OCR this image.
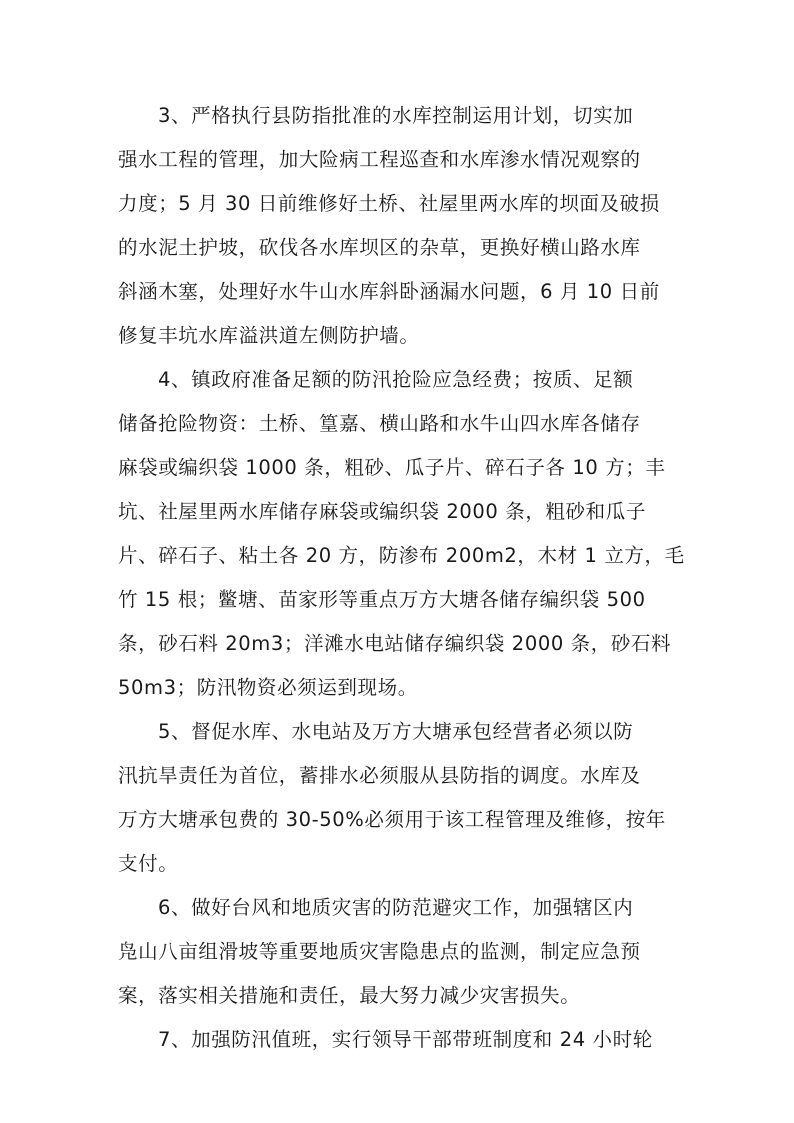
3、严格执行县防指批准的水库控制运用计划，切实加
强水工程的管理，加大险病工程巡查和水库渗水情况观察的
力度；5 月 30 日前维修好土桥、社屋里两水库的坝面及破损
的水泥土护坡，砍伐各水库坝区的杂草，更换好横山路水库
斜涵木塞，处理好水牛山水库斜卧涵漏水问题，6 月 10 日前
修复丰坑水库溢洪道左侧防护墙。
4、镇政府准备足额的防汛抢险应急经费；按质、足额
储备抢险物资：土桥、篁嘉、横山路和水牛山四水库各储存
麻袋或编织袋 1000 条，粗砂、瓜子片、碎石子各 10 方；丰
坑、社屋里两水库储存麻袋或编织袋 2000 条，粗砂和瓜子
片、碎石子、粘土各 20 方，防渗布 200m2，木材 1 立方，毛
竹 15 根；鳖塘、苗家形等重点万方大塘各储存编织袋 500
条，砂石料 20m3；洋滩水电站储存编织袋 2000 条，砂石料
50m3；防汛物资必须运到现场。
5、督促水库、水电站及万方大塘承包经营者必须以防
汛抗旱责任为首位，蓄排水必须服从县防指的调度。水库及
万方大塘承包费的 30-50%必须用于该工程管理及维修，按年
支付。
6、做好台风和地质灾害的防范避灾工作，加强辖区内
凫山八亩组滑坡等重要地质灾害隐患点的监测，制定应急预
案，落实相关措施和责任，最大努力减少灾害损失。
7、加强防汛值班，实行领导干部带班制度和 24 小时轮
